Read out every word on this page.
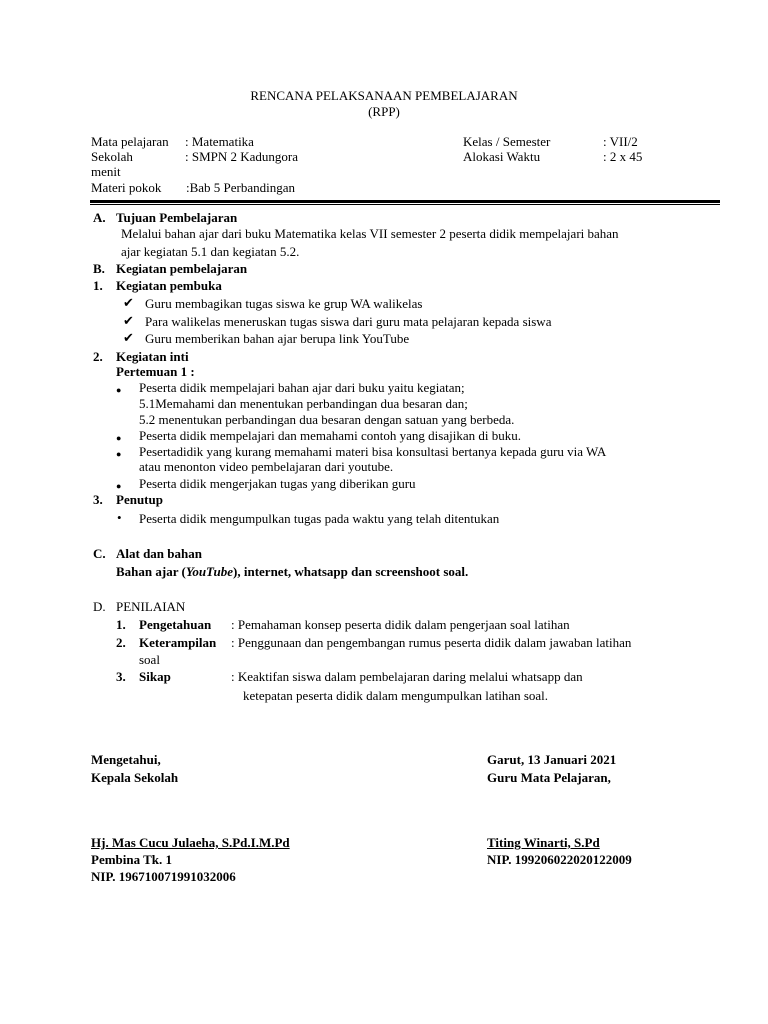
RENCANA PELAKSANAAN PEMBELAJARAN
(RPP)
Mata pelajaran : Matematika	Kelas / Semester	: VII/2
Sekolah	: SMPN 2 Kadungora	Alokasi Waktu	: 2 x 45
menit
Materi pokok :Bab 5 Perbandingan
A. Tujuan Pembelajaran
Melalui bahan ajar dari buku Matematika kelas VII semester 2 peserta didik mempelajari bahan
ajar kegiatan 5.1 dan kegiatan 5.2.
B. Kegiatan pembelajaran
1. Kegiatan pembuka
✔ Guru membagikan tugas siswa ke grup WA walikelas
✔ Para walikelas meneruskan tugas siswa dari guru mata pelajaran kepada siswa
✔ Guru memberikan bahan ajar berupa link YouTube
2. Kegiatan inti
Pertemuan 1 :
● Peserta didik mempelajari bahan ajar dari buku yaitu kegiatan;
5.1Memahami dan menentukan perbandingan dua besaran dan;
5.2 menentukan perbandingan dua besaran dengan satuan yang berbeda.
● Peserta didik mempelajari dan memahami contoh yang disajikan di buku.
● Pesertadidik yang kurang memahami materi bisa konsultasi bertanya kepada guru via WA
atau menonton video pembelajaran dari youtube.
● Peserta didik mengerjakan tugas yang diberikan guru
3. Penutup
• Peserta didik mengumpulkan tugas pada waktu yang telah ditentukan
C. Alat dan bahan
Bahan ajar (YouTube), internet, whatsapp dan screenshoot soal.
D. PENILAIAN
1. Pengetahuan : Pemahaman konsep peserta didik dalam pengerjaan soal latihan
2. Keterampilan : Penggunaan dan pengembangan rumus peserta didik dalam jawaban latihan
soal
3. Sikap	: Keaktifan siswa dalam pembelajaran daring melalui whatsapp dan
ketepatan peserta didik dalam mengumpulkan latihan soal.
Mengetahui,
Kepala Sekolah
Hj. Mas Cucu Julaeha, S.Pd.I.M.Pd
Pembina Tk. 1
NIP. 196710071991032006
Garut, 13 Januari 2021
Guru Mata Pelajaran,
Titing Winarti, S.Pd
NIP. 199206022020122009
